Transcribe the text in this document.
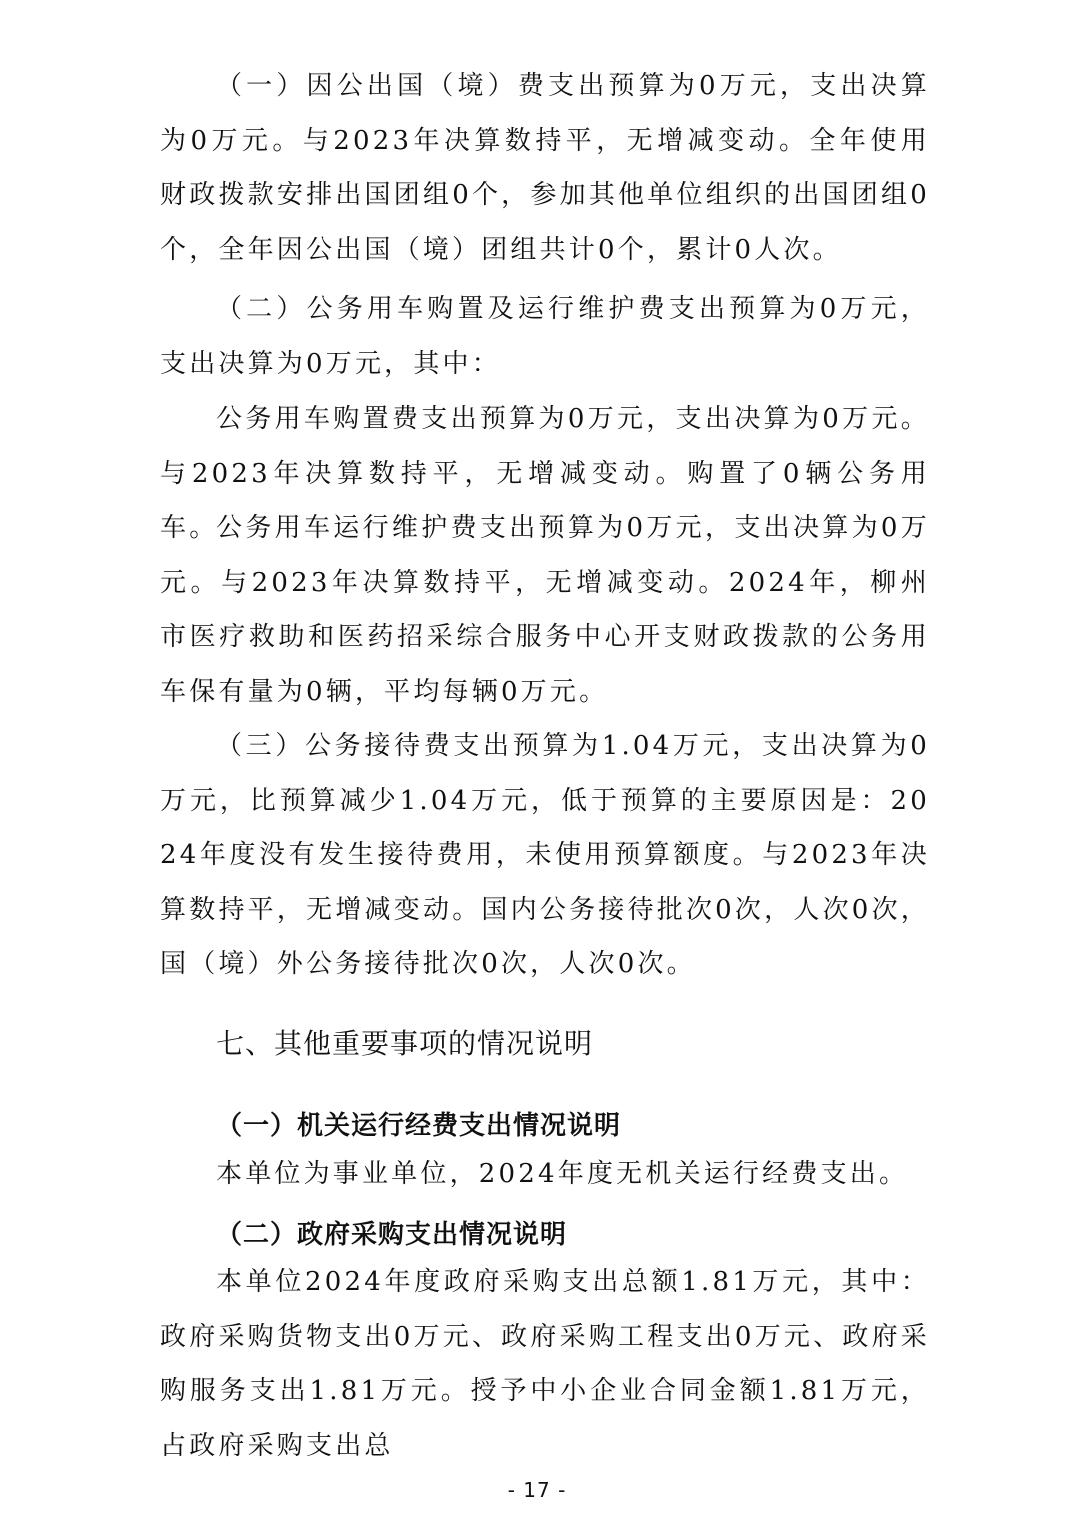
（一）因公出国（境）费支出预算为0万元，支出决算为0万元。与2023年决算数持平，无增减变动。全年使用财政拨款安排出国团组0个，参加其他单位组织的出国团组0个，全年因公出国（境）团组共计0个，累计0人次。

（二）公务用车购置及运行维护费支出预算为0万元，支出决算为0万元，其中：

公务用车购置费支出预算为0万元，支出决算为0万元。与2023年决算数持平，无增减变动。购置了0辆公务用车。

公务用车运行维护费支出预算为0万元，支出决算为0万元。与2023年决算数持平，无增减变动。2024年，柳州市医疗救助和医药招采综合服务中心开支财政拨款的公务用车保有量为0辆，平均每辆0万元。

（三）公务接待费支出预算为1.04万元，支出决算为0万元，比预算减少1.04万元，低于预算的主要原因是：2024年度没有发生接待费用，未使用预算额度。与2023年决算数持平，无增减变动。国内公务接待批次0次，人次0次，国（境）外公务接待批次0次，人次0次。

七、其他重要事项的情况说明
（一）机关运行经费支出情况说明

本单位为事业单位，2024年度无机关运行经费支出。

（二）政府采购支出情况说明

本单位2024年度政府采购支出总额1.81万元，其中：政府采购货物支出0万元、政府采购工程支出0万元、政府采购服务支出1.81万元。授予中小企业合同金额1.81万元，占政府采购支出总

- 17 -
